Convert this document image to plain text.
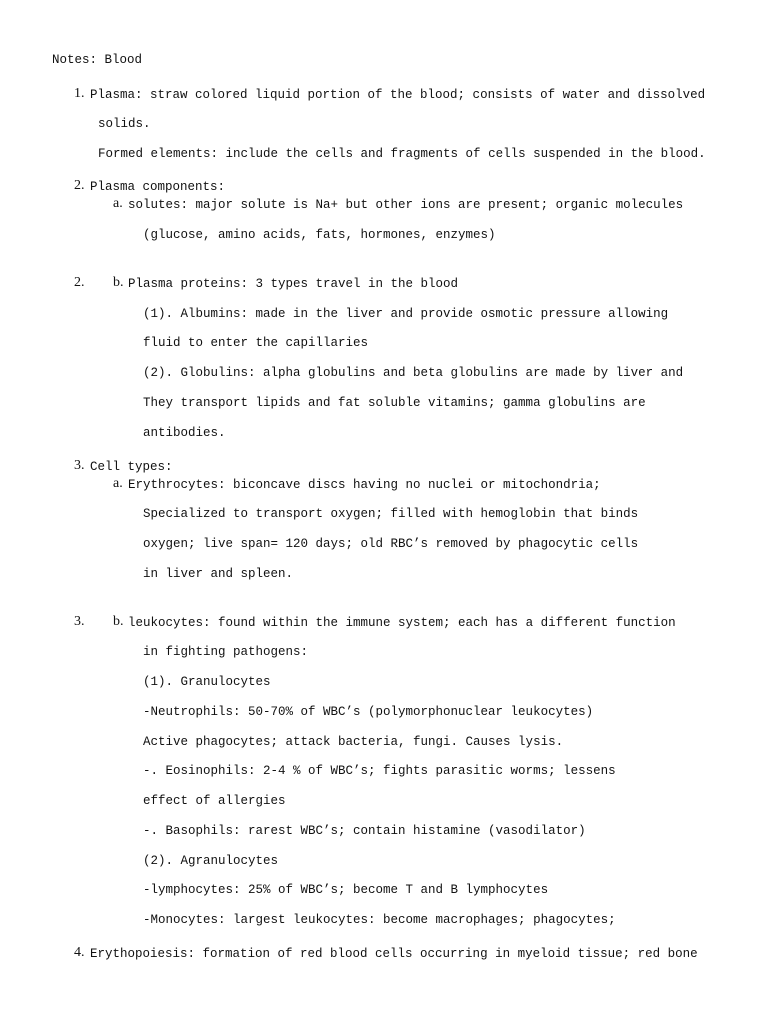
Notes: Blood
1. Plasma: straw colored liquid portion of the blood; consists of water and dissolved
solids.
Formed elements: include the cells and fragments of cells suspended in the blood.
2. Plasma components:
a. solutes: major solute is Na+ but other ions are present; organic molecules
(glucose, amino acids, fats, hormones, enzymes)
2. b. Plasma proteins: 3 types travel in the blood
(1). Albumins: made in the liver and provide osmotic pressure allowing
fluid to enter the capillaries
(2). Globulins: alpha globulins and beta globulins are made by liver and
They transport lipids and fat soluble vitamins; gamma globulins are
antibodies.
3. Cell types:
a. Erythrocytes: biconcave discs having no nuclei or mitochondria;
Specialized to transport oxygen; filled with hemoglobin that binds
oxygen; live span= 120 days; old RBC’s removed by phagocytic cells
in liver and spleen.
3. b. leukocytes: found within the immune system; each has a different function
in fighting pathogens:
(1). Granulocytes
-Neutrophils: 50-70% of WBC’s (polymorphonuclear leukocytes)
Active phagocytes; attack bacteria, fungi. Causes lysis.
-. Eosinophils: 2-4 % of WBC’s; fights parasitic worms; lessens
effect of allergies
-. Basophils: rarest WBC’s; contain histamine (vasodilator)
(2). Agranulocytes
-lymphocytes: 25% of WBC’s; become T and B lymphocytes
-Monocytes: largest leukocytes: become macrophages; phagocytes;
4. Erythopoiesis: formation of red blood cells occurring in myeloid tissue; red bone
